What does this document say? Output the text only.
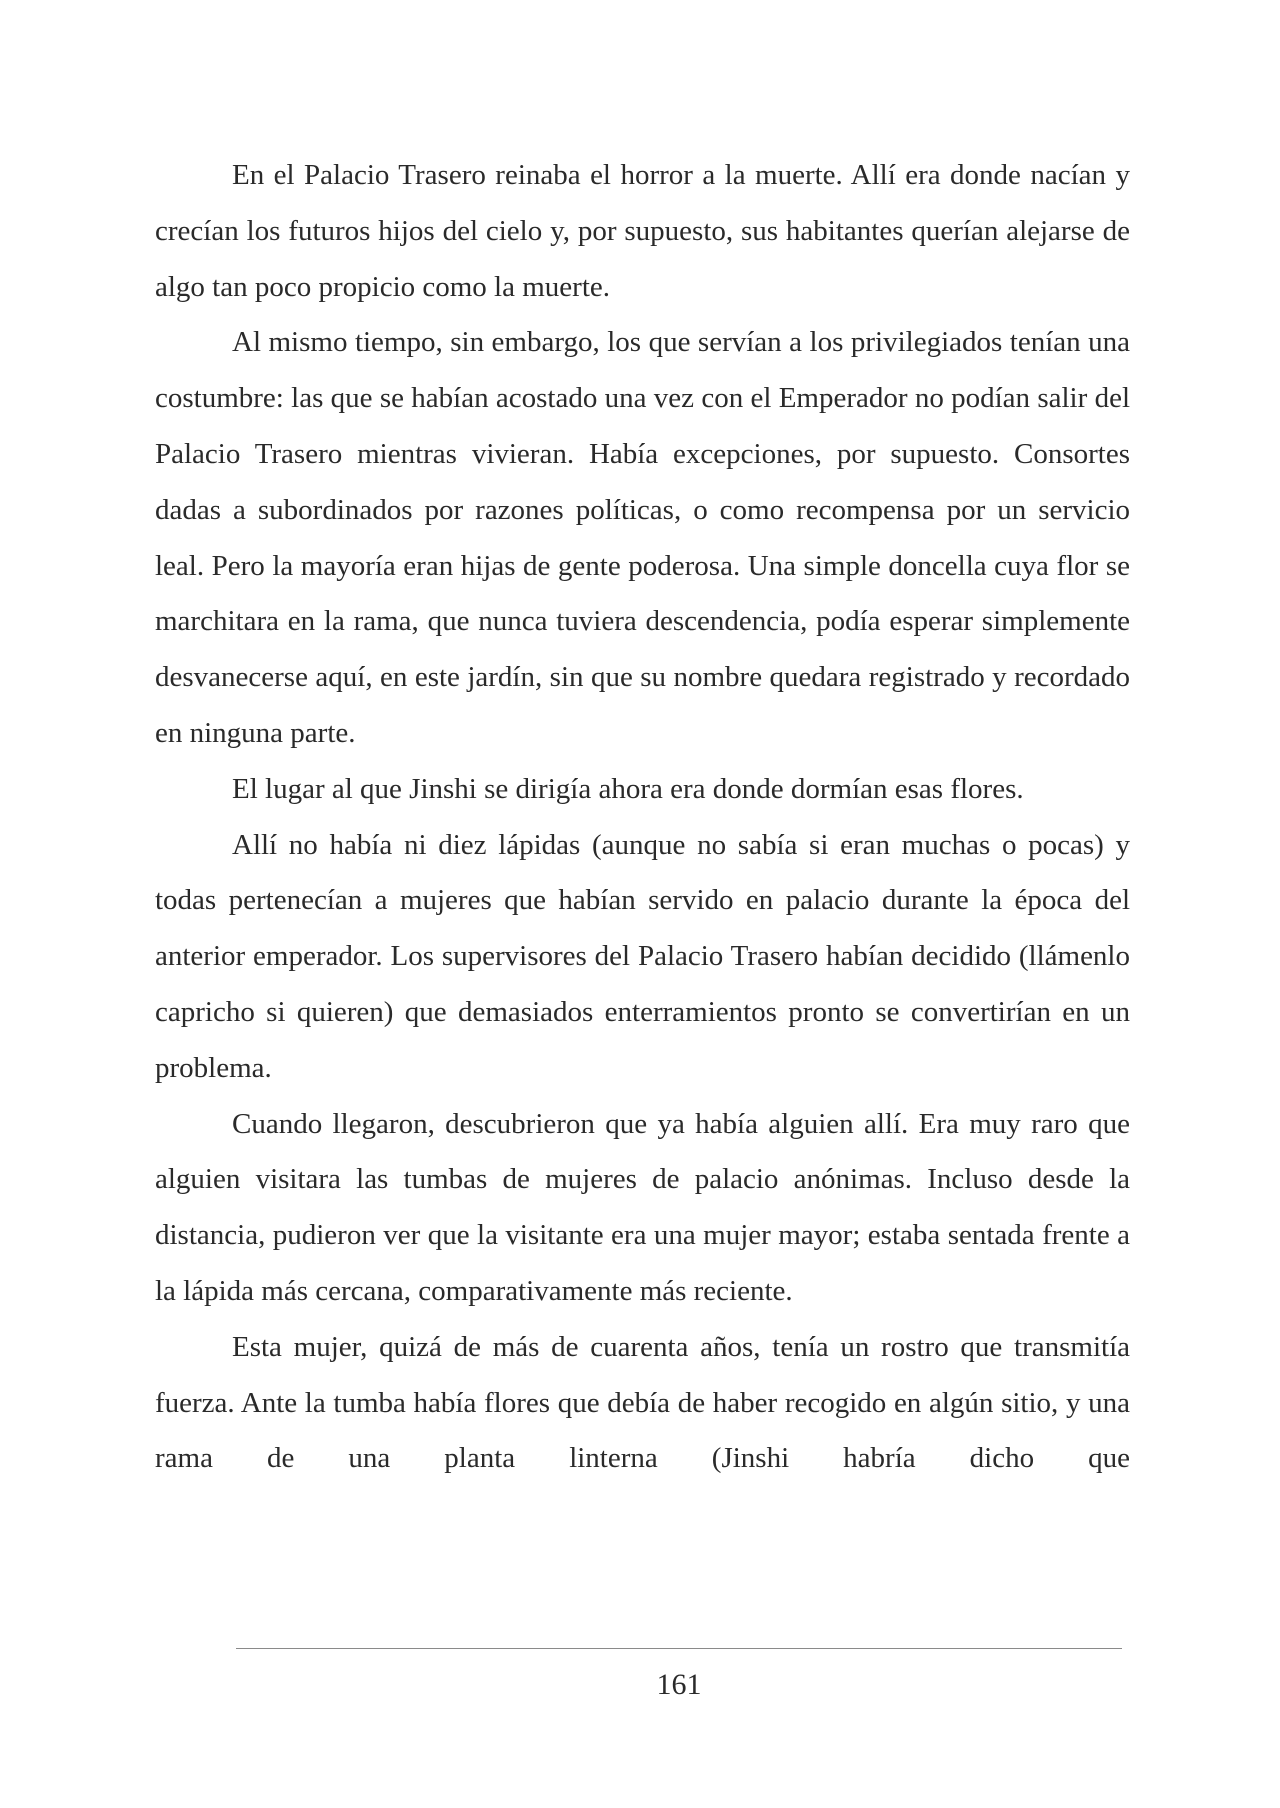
En el Palacio Trasero reinaba el horror a la muerte. Allí era donde nacían y crecían los futuros hijos del cielo y, por supuesto, sus habitantes querían alejarse de algo tan poco propicio como la muerte.

Al mismo tiempo, sin embargo, los que servían a los privilegiados tenían una costumbre: las que se habían acostado una vez con el Emperador no podían salir del Palacio Trasero mientras vivieran. Había excepciones, por supuesto. Consortes dadas a subordinados por razones políticas, o como recompensa por un servicio leal. Pero la mayoría eran hijas de gente poderosa. Una simple doncella cuya flor se marchitara en la rama, que nunca tuviera descendencia, podía esperar simplemente desvanecerse aquí, en este jardín, sin que su nombre quedara registrado y recordado en ninguna parte.

El lugar al que Jinshi se dirigía ahora era donde dormían esas flores.

Allí no había ni diez lápidas (aunque no sabía si eran muchas o pocas) y todas pertenecían a mujeres que habían servido en palacio durante la época del anterior emperador. Los supervisores del Palacio Trasero habían decidido (llámenlo capricho si quieren) que demasiados enterramientos pronto se convertirían en un problema.

Cuando llegaron, descubrieron que ya había alguien allí. Era muy raro que alguien visitara las tumbas de mujeres de palacio anónimas. Incluso desde la distancia, pudieron ver que la visitante era una mujer mayor; estaba sentada frente a la lápida más cercana, comparativamente más reciente.

Esta mujer, quizá de más de cuarenta años, tenía un rostro que transmitía fuerza. Ante la tumba había flores que debía de haber recogido en algún sitio, y una rama de una planta linterna (Jinshi habría dicho que

161
